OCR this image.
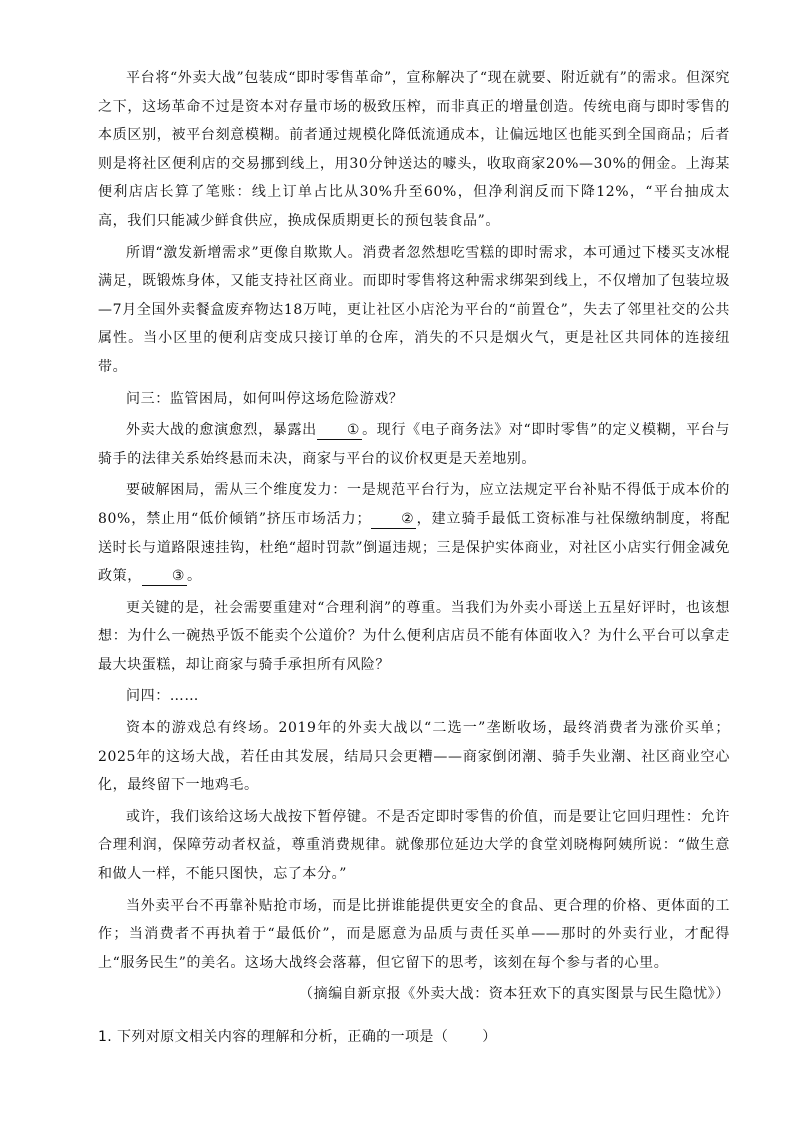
平台将“外卖大战”包装成“即时零售革命”，宣称解决了“现在就要、附近就有”的需求。但深究之下，这场革命不过是资本对存量市场的极致压榨，而非真正的增量创造。传统电商与即时零售的本质区别，被平台刻意模糊。前者通过规模化降低流通成本，让偏远地区也能买到全国商品；后者则是将社区便利店的交易挪到线上，用30分钟送达的噱头，收取商家20%—30%的佣金。上海某便利店店长算了笔账：线上订单占比从30%升至60%，但净利润反而下降12%，“平台抽成太高，我们只能减少鲜食供应，换成保质期更长的预包装食品”。

所谓“激发新增需求”更像自欺欺人。消费者忽然想吃雪糕的即时需求，本可通过下楼买支冰棍满足，既锻炼身体，又能支持社区商业。而即时零售将这种需求绑架到线上，不仅增加了包装垃圾—7月全国外卖餐盒废弃物达18万吨，更让社区小店沦为平台的“前置仓”，失去了邻里社交的公共属性。当小区里的便利店变成只接订单的仓库，消失的不只是烟火气，更是社区共同体的连接纽带。

问三：监管困局，如何叫停这场危险游戏？

外卖大战的愈演愈烈，暴露出 ① 。现行《电子商务法》对“即时零售”的定义模糊，平台与骑手的法律关系始终悬而未决，商家与平台的议价权更是天差地别。

要破解困局，需从三个维度发力：一是规范平台行为，应立法规定平台补贴不得低于成本价的80%，禁止用“低价倾销”挤压市场活力； ② ，建立骑手最低工资标准与社保缴纳制度，将配送时长与道路限速挂钩，杜绝“超时罚款”倒逼违规；三是保护实体商业，对社区小店实行佣金减免政策， ③ 。

更关键的是，社会需要重建对“合理利润”的尊重。当我们为外卖小哥送上五星好评时，也该想想：为什么一碗热乎饭不能卖个公道价？为什么便利店店员不能有体面收入？为什么平台可以拿走最大块蛋糕，却让商家与骑手承担所有风险？

问四：……

资本的游戏总有终场。2019年的外卖大战以“二选一”垄断收场，最终消费者为涨价买单；2025年的这场大战，若任由其发展，结局只会更糟——商家倒闭潮、骑手失业潮、社区商业空心化，最终留下一地鸡毛。

或许，我们该给这场大战按下暂停键。不是否定即时零售的价值，而是要让它回归理性：允许合理利润，保障劳动者权益，尊重消费规律。就像那位延边大学的食堂刘晓梅阿姨所说：“做生意和做人一样，不能只图快，忘了本分。”

当外卖平台不再靠补贴抢市场，而是比拼谁能提供更安全的食品、更合理的价格、更体面的工作；当消费者不再执着于“最低价”，而是愿意为品质与责任买单——那时的外卖行业，才配得上“服务民生”的美名。这场大战终会落幕，但它留下的思考，该刻在每个参与者的心里。

（摘编自新京报《外卖大战：资本狂欢下的真实图景与民生隐忧》）

1. 下列对原文相关内容的理解和分析，正确的一项是（ ）
